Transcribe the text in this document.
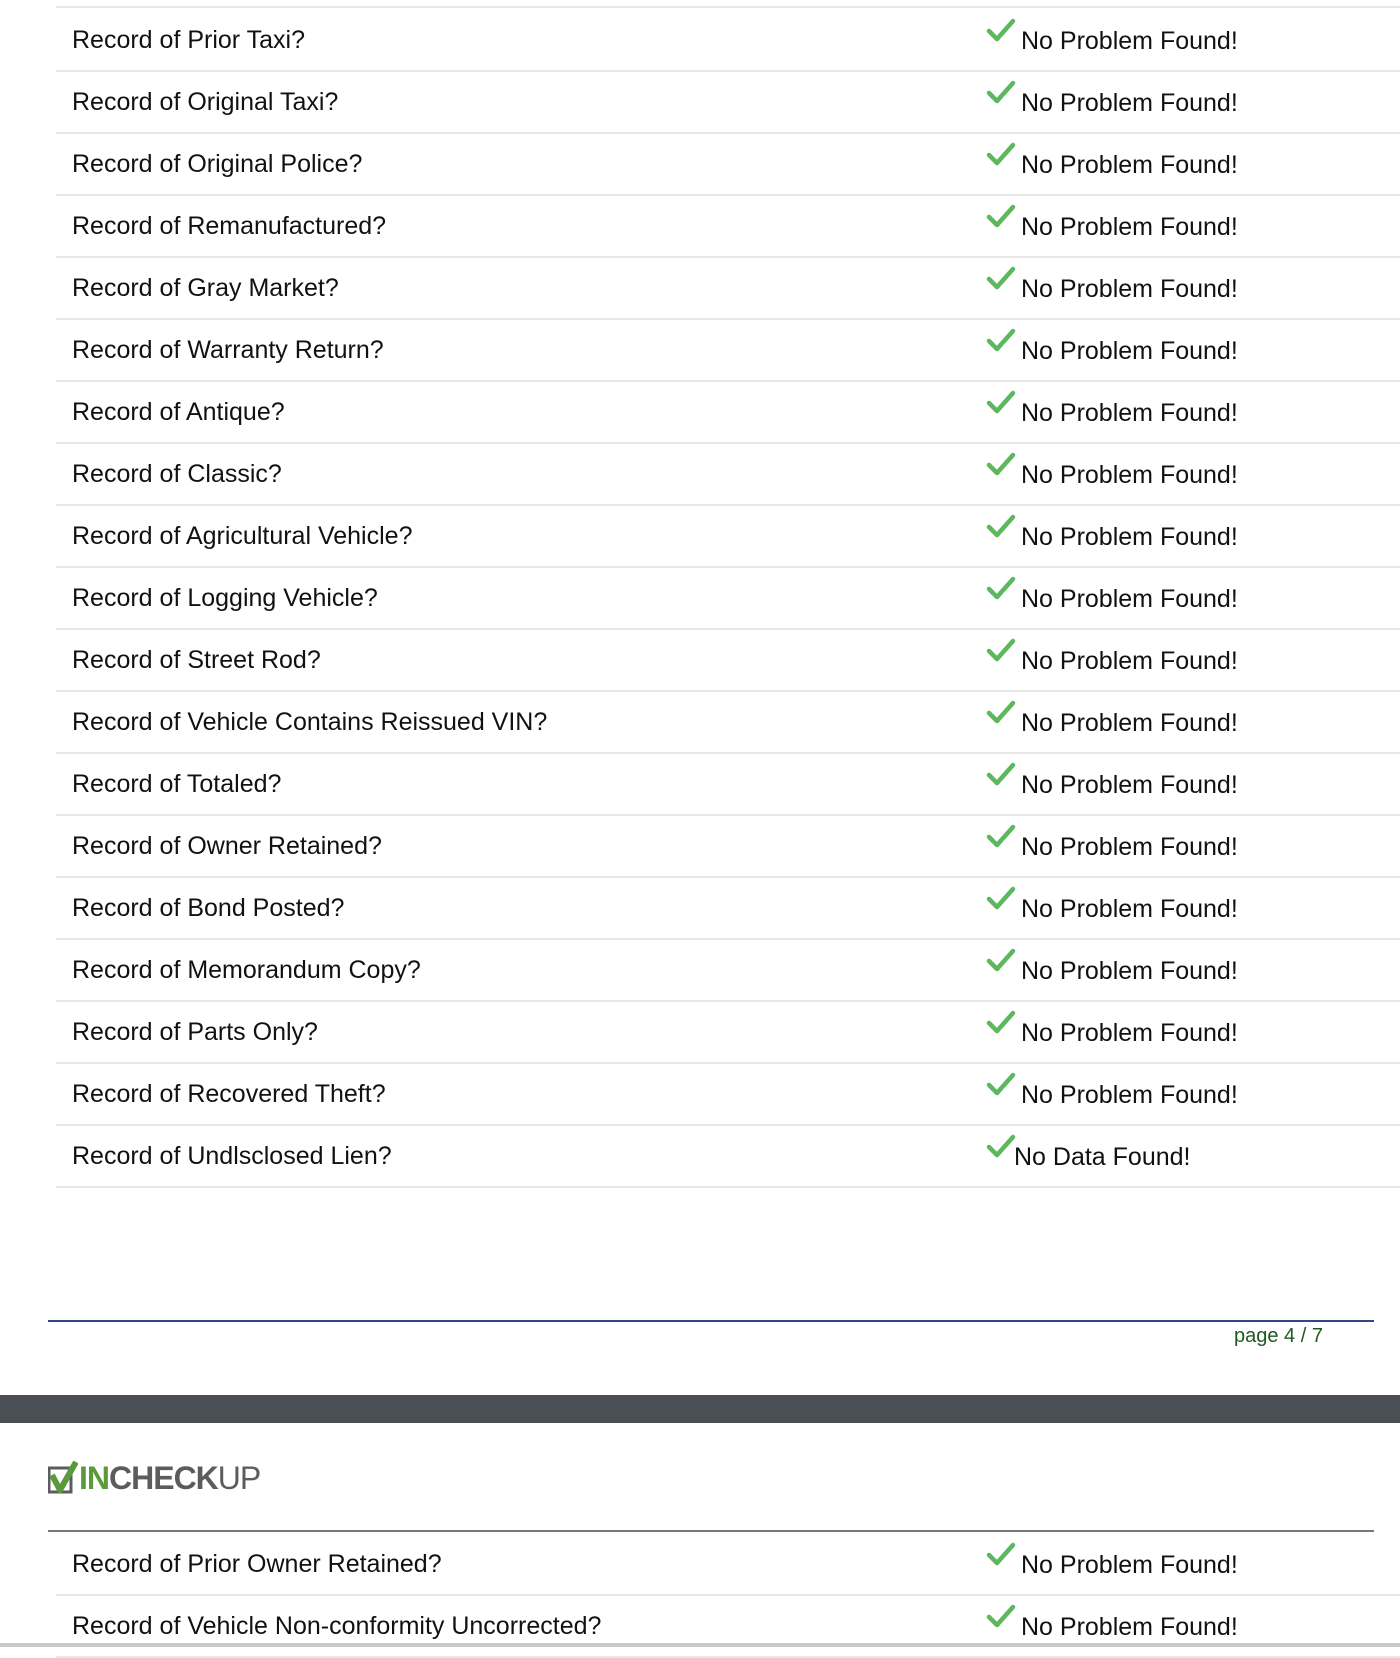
Record of Prior Taxi?	No Problem Found!
Record of Original Taxi?	No Problem Found!
Record of Original Police?	No Problem Found!
Record of Remanufactured?	No Problem Found!
Record of Gray Market?	No Problem Found!
Record of Warranty Return?	No Problem Found!
Record of Antique?	No Problem Found!
Record of Classic?	No Problem Found!
Record of Agricultural Vehicle?	No Problem Found!
Record of Logging Vehicle?	No Problem Found!
Record of Street Rod?	No Problem Found!
Record of Vehicle Contains Reissued VIN?	No Problem Found!
Record of Totaled?	No Problem Found!
Record of Owner Retained?	No Problem Found!
Record of Bond Posted?	No Problem Found!
Record of Memorandum Copy?	No Problem Found!
Record of Parts Only?	No Problem Found!
Record of Recovered Theft?	No Problem Found!
Record of Undlsclosed Lien?	No Data Found!
page 4 / 7
IN CHECK UP
Record of Prior Owner Retained?	No Problem Found!
Record of Vehicle Non-conformity Uncorrected?	No Problem Found!
